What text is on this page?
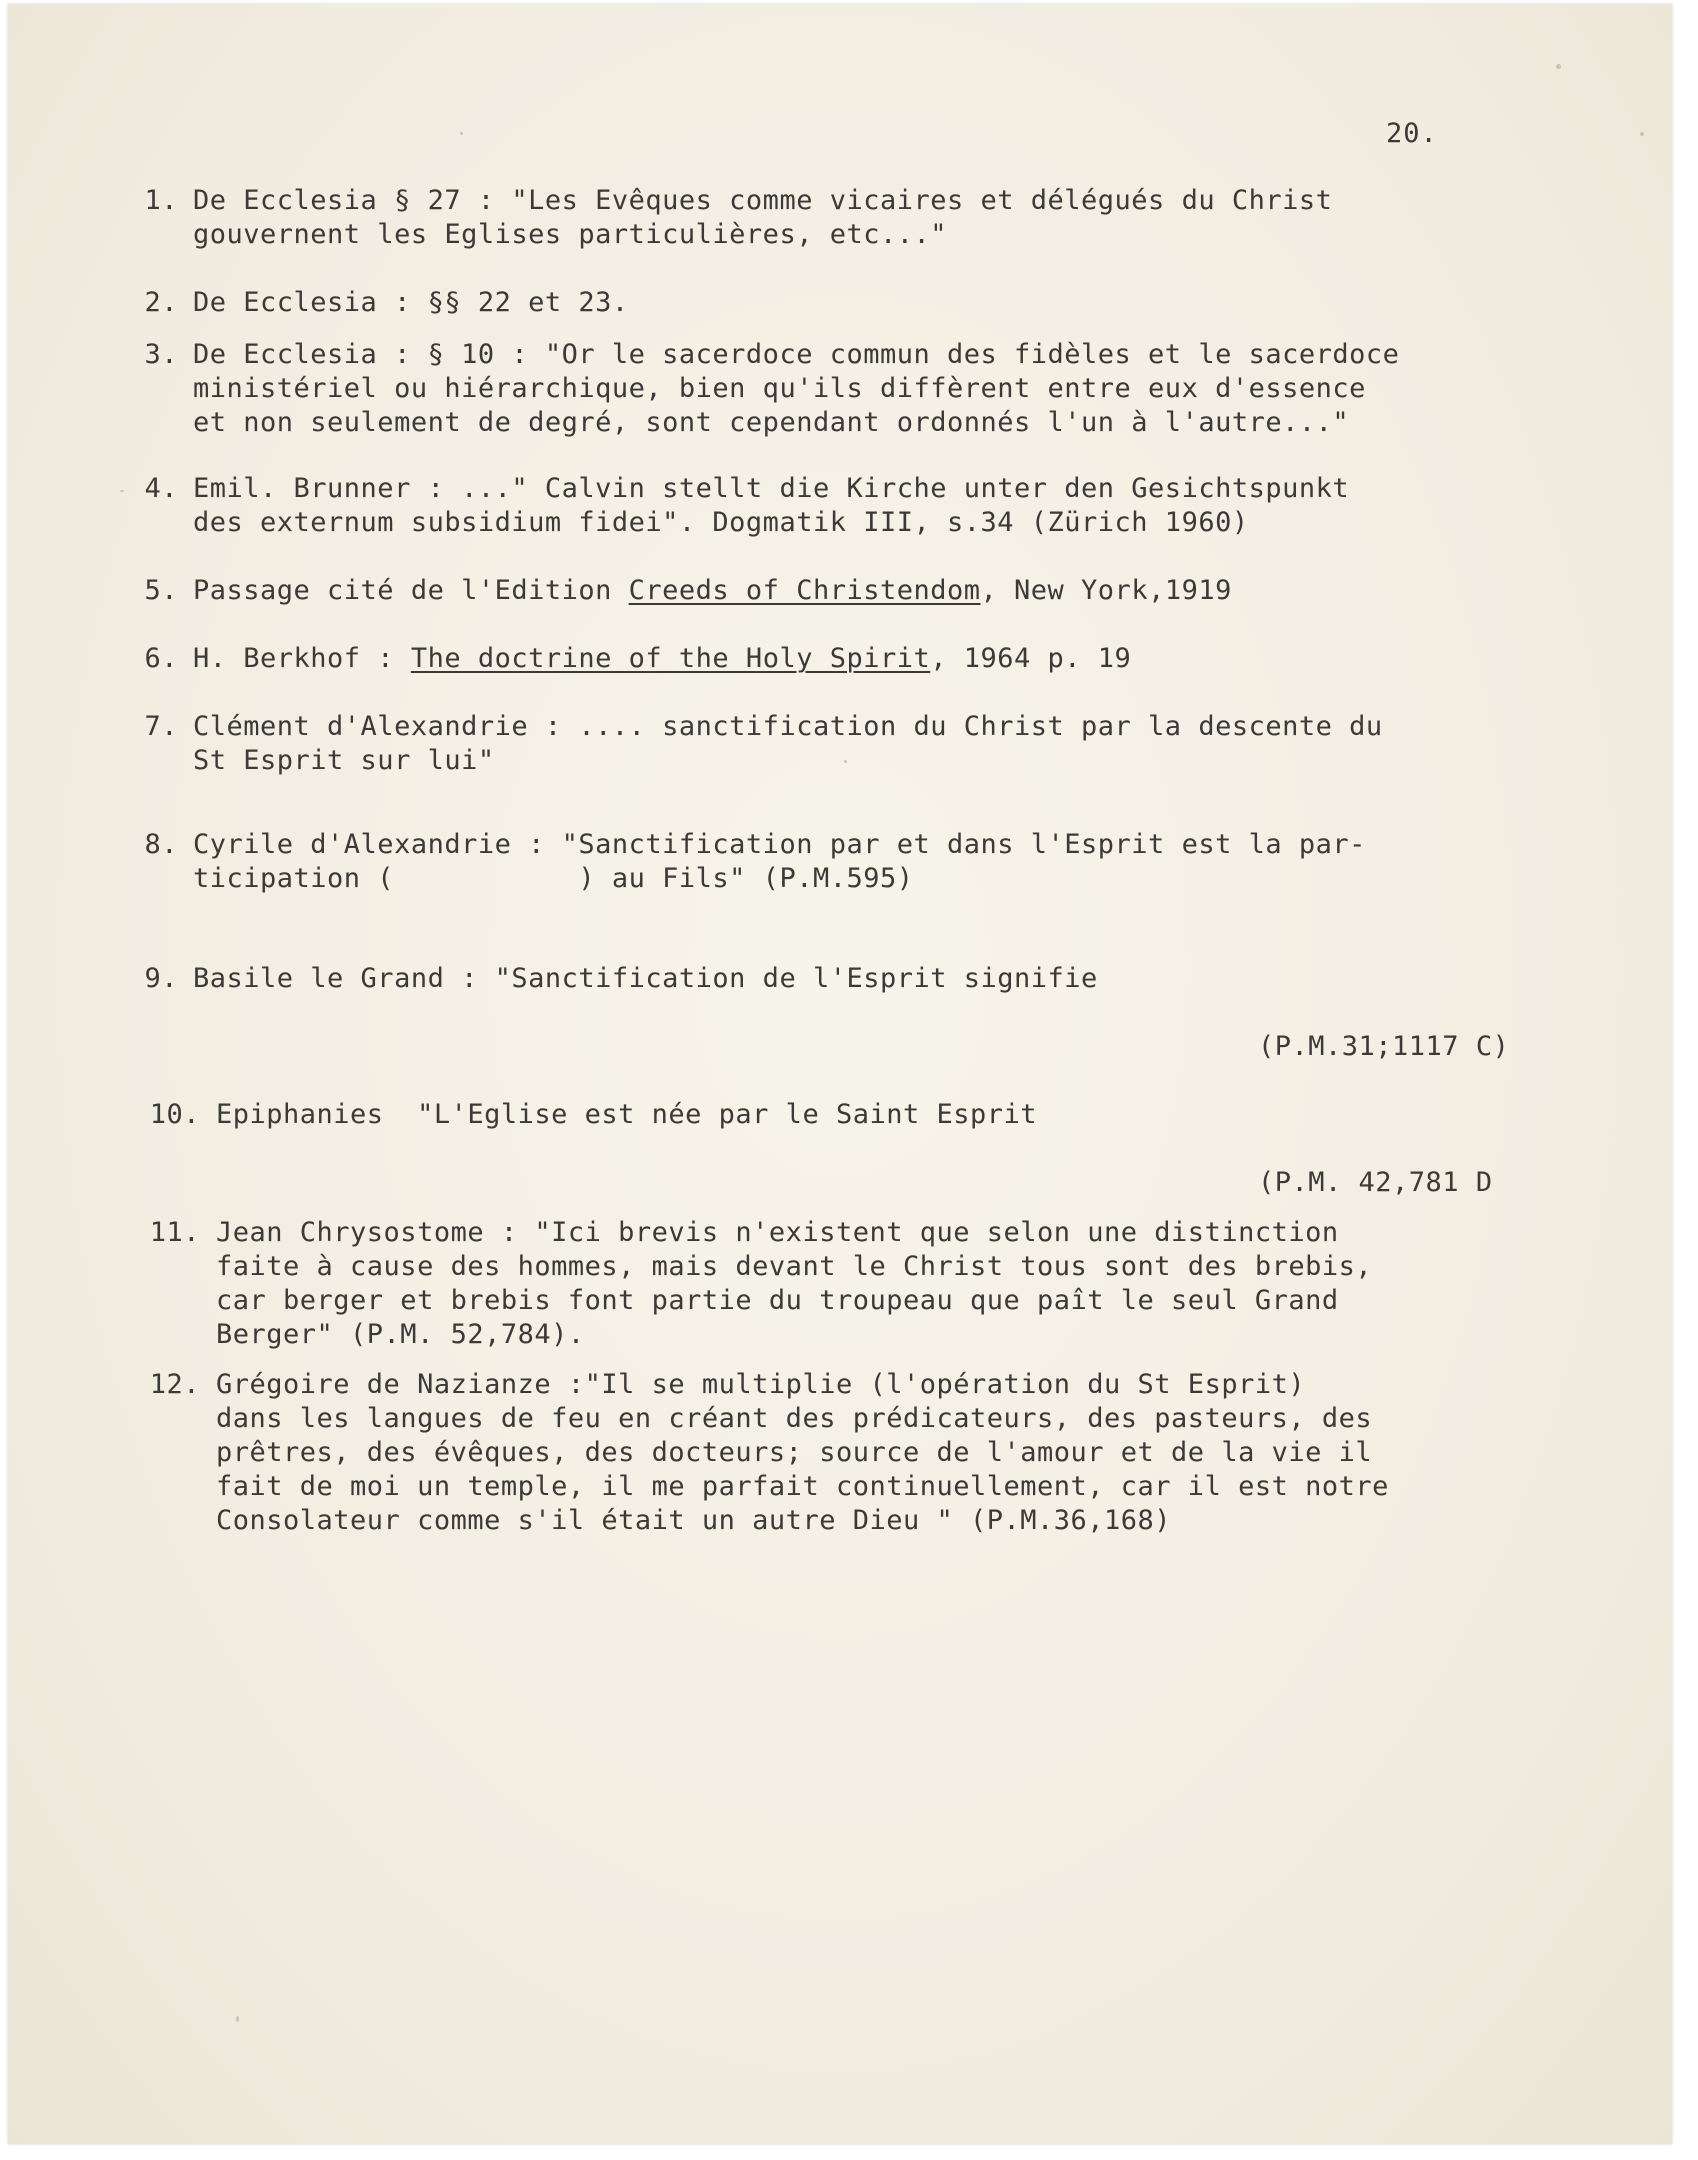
20.
1. De Ecclesia § 27 : "Les Evêques comme vicaires et délégués du Christ
gouvernent les Eglises particulières, etc..."
2. De Ecclesia : §§ 22 et 23.
3. De Ecclesia : § 10 : "Or le sacerdoce commun des fidèles et le sacerdoce
ministériel ou hiérarchique, bien qu'ils diffèrent entre eux d'essence
et non seulement de degré, sont cependant ordonnés l'un à l'autre..."
4. Emil. Brunner : ..." Calvin stellt die Kirche unter den Gesichtspunkt
des externum subsidium fidei". Dogmatik III, s.34 (Zürich 1960)
5. Passage cité de l'Edition Creeds of Christendom, New York,1919
6. H. Berkhof : The doctrine of the Holy Spirit, 1964 p. 19
7. Clément d'Alexandrie : .... sanctification du Christ par la descente du
St Esprit sur lui"
8. Cyrile d'Alexandrie : "Sanctification par et dans l'Esprit est la par-
ticipation (           ) au Fils" (P.M.595)
9. Basile le Grand : "Sanctification de l'Esprit signifie
(P.M.31;1117 C)
10. Epiphanies  "L'Eglise est née par le Saint Esprit
(P.M. 42,781 D
11. Jean Chrysostome : "Ici brevis n'existent que selon une distinction
faite à cause des hommes, mais devant le Christ tous sont des brebis,
car berger et brebis font partie du troupeau que paît le seul Grand
Berger" (P.M. 52,784).
12. Grégoire de Nazianze :"Il se multiplie (l'opération du St Esprit)
dans les langues de feu en créant des prédicateurs, des pasteurs, des
prêtres, des évêques, des docteurs; source de l'amour et de la vie il
fait de moi un temple, il me parfait continuellement, car il est notre
Consolateur comme s'il était un autre Dieu " (P.M.36,168)
